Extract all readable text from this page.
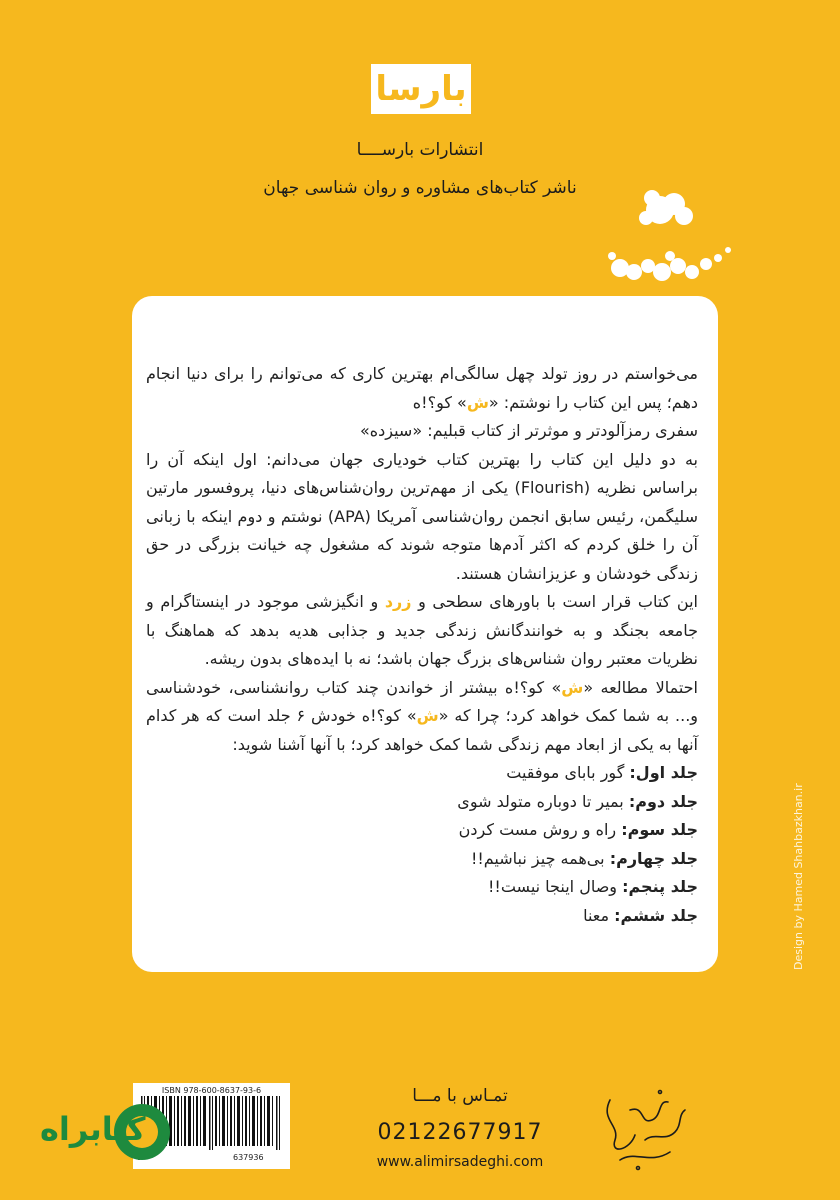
بارسا
انتشارات بارســــا
ناشر کتاب‌های مشاوره و روان شناسی جهان

می‌خواستم در روز تولد چهل سالگی‌ام بهترین کاری که می‌توانم را برای دنیا انجام دهم؛ پس این کتاب را نوشتم: «ش» کو؟!ه

سفری رمزآلودتر و موثرتر از کتاب قبلیم: «سیزده»

به دو دلیل این کتاب را بهترین کتاب خودیاری جهان می‌دانم: اول اینکه آن را براساس نظریه (Flourish) یکی از مهم‌ترین روان‌شناس‌های دنیا، پروفسور مارتین سلیگمن، رئیس سابق انجمن روان‌شناسی آمریکا (APA) نوشتم و دوم اینکه با زبانی آن را خلق کردم که اکثر آدم‌ها متوجه شوند که مشغول چه خیانت بزرگی در حق زندگی خودشان و عزیزانشان هستند.

این کتاب قرار است با باورهای سطحی و زرد و انگیزشی موجود در اینستاگرام و جامعه بجنگد و به خوانندگانش زندگی جدید و جذابی هدیه بدهد که هماهنگ با نظریات معتبر روان شناس‌های بزرگ جهان باشد؛ نه با ایده‌های بدون ریشه.

احتمالا مطالعه «ش» کو؟!ه بیشتر از خواندن چند کتاب روانشناسی، خودشناسی و... به شما کمک خواهد کرد؛ چرا که «ش» کو؟!ه خودش ۶ جلد است که هر کدام آنها به یکی از ابعاد مهم زندگی شما کمک خواهد کرد؛ با آنها آشنا شوید:

جلد اول: گور بابای موفقیت

جلد دوم: بمیر تا دوباره متولد شوی

جلد سوم: راه و روش مست کردن

جلد چهارم: بی‌همه چیز نباشیم!!

جلد پنجم: وصال اینجا نیست!!

جلد ششم: معنا	Design by Hamed Shahbazkhan.ir
ISBN 978-600-8637-93-6
637936
کتابراه
تمـاس با مـــا
02122677917
www.alimirsadeghi.com
